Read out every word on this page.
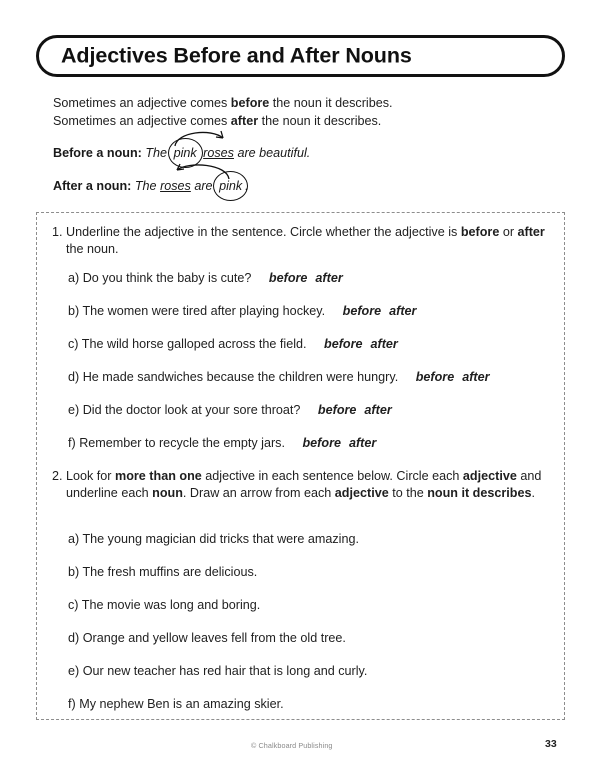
Adjectives Before and After Nouns
Sometimes an adjective comes before the noun it describes.
Sometimes an adjective comes after the noun it describes.
Before a noun: The
pink roses are beautiful.
After a noun: The roses are
pink .
1. Underline the adjective in the sentence. Circle whether the adjective is before or after the noun.
a) Do you think the baby is cute? before after
b) The women were tired after playing hockey. before after
c) The wild horse galloped across the field. before after
d) He made sandwiches because the children were hungry. before after
e) Did the doctor look at your sore throat? before after
f) Remember to recycle the empty jars. before after
2. Look for more than one adjective in each sentence below. Circle each adjective and underline each noun. Draw an arrow from each adjective to the noun it describes.
a) The young magician did tricks that were amazing.
b) The fresh muffins are delicious.
c) The movie was long and boring.
d) Orange and yellow leaves fell from the old tree.
e) Our new teacher has red hair that is long and curly.
f) My nephew Ben is an amazing skier.
© Chalkboard Publishing	33
